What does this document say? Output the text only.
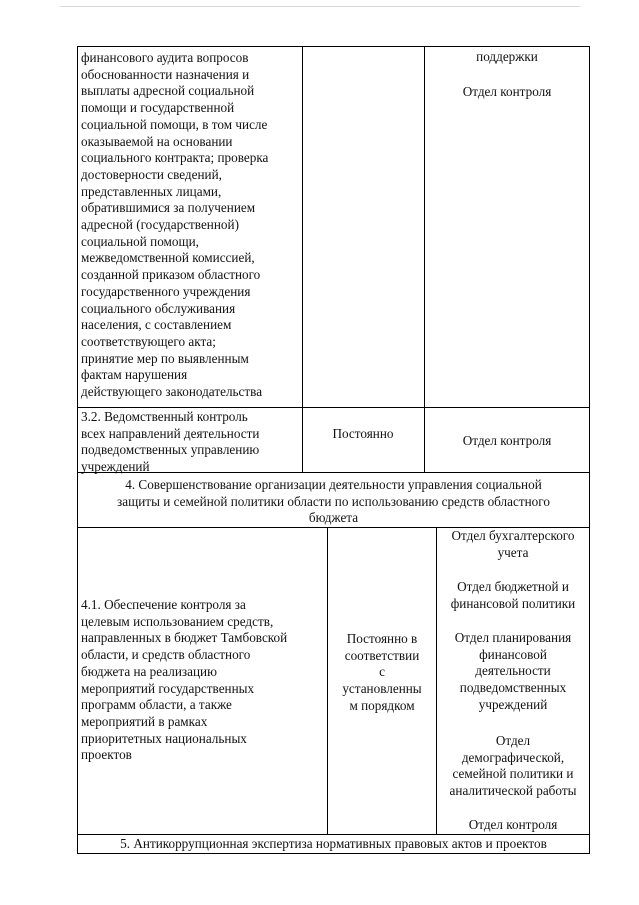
финансового аудита вопросов
обоснованности назначения и
выплаты адресной социальной
помощи и государственной
социальной помощи, в том числе
оказываемой на основании
социального контракта; проверка
достоверности сведений,
представленных лицами,
обратившимися за получением
адресной (государственной)
социальной помощи,
межведомственной комиссией,
созданной приказом областного
государственного учреждения
социального обслуживания
населения, с составлением
соответствующего акта;
принятие мер по выявленным
фактам нарушения
действующего законодательства
поддержки
Отдел контроля
3.2. Ведомственный контроль
всех направлений деятельности
подведомственных управлению
учреждений
Постоянно	Отдел контроля
4. Совершенствование организации деятельности управления социальной
защиты и семейной политики области по использованию средств областного
бюджета
4.1. Обеспечение контроля за
целевым использованием средств,
направленных в бюджет Тамбовской
области, и средств областного
бюджета на реализацию
мероприятий государственных
программ области, а также
мероприятий в рамках
приоритетных национальных
проектов
Постоянно в
соответствии
с
установленны
м порядком
Отдел бухгалтерского
учета
Отдел бюджетной и
финансовой политики
Отдел планирования
финансовой
деятельности
подведомственных
учреждений
Отдел
демографической,
семейной политики и
аналитической работы
Отдел контроля
5. Антикоррупционная экспертиза нормативных правовых актов и проектов
